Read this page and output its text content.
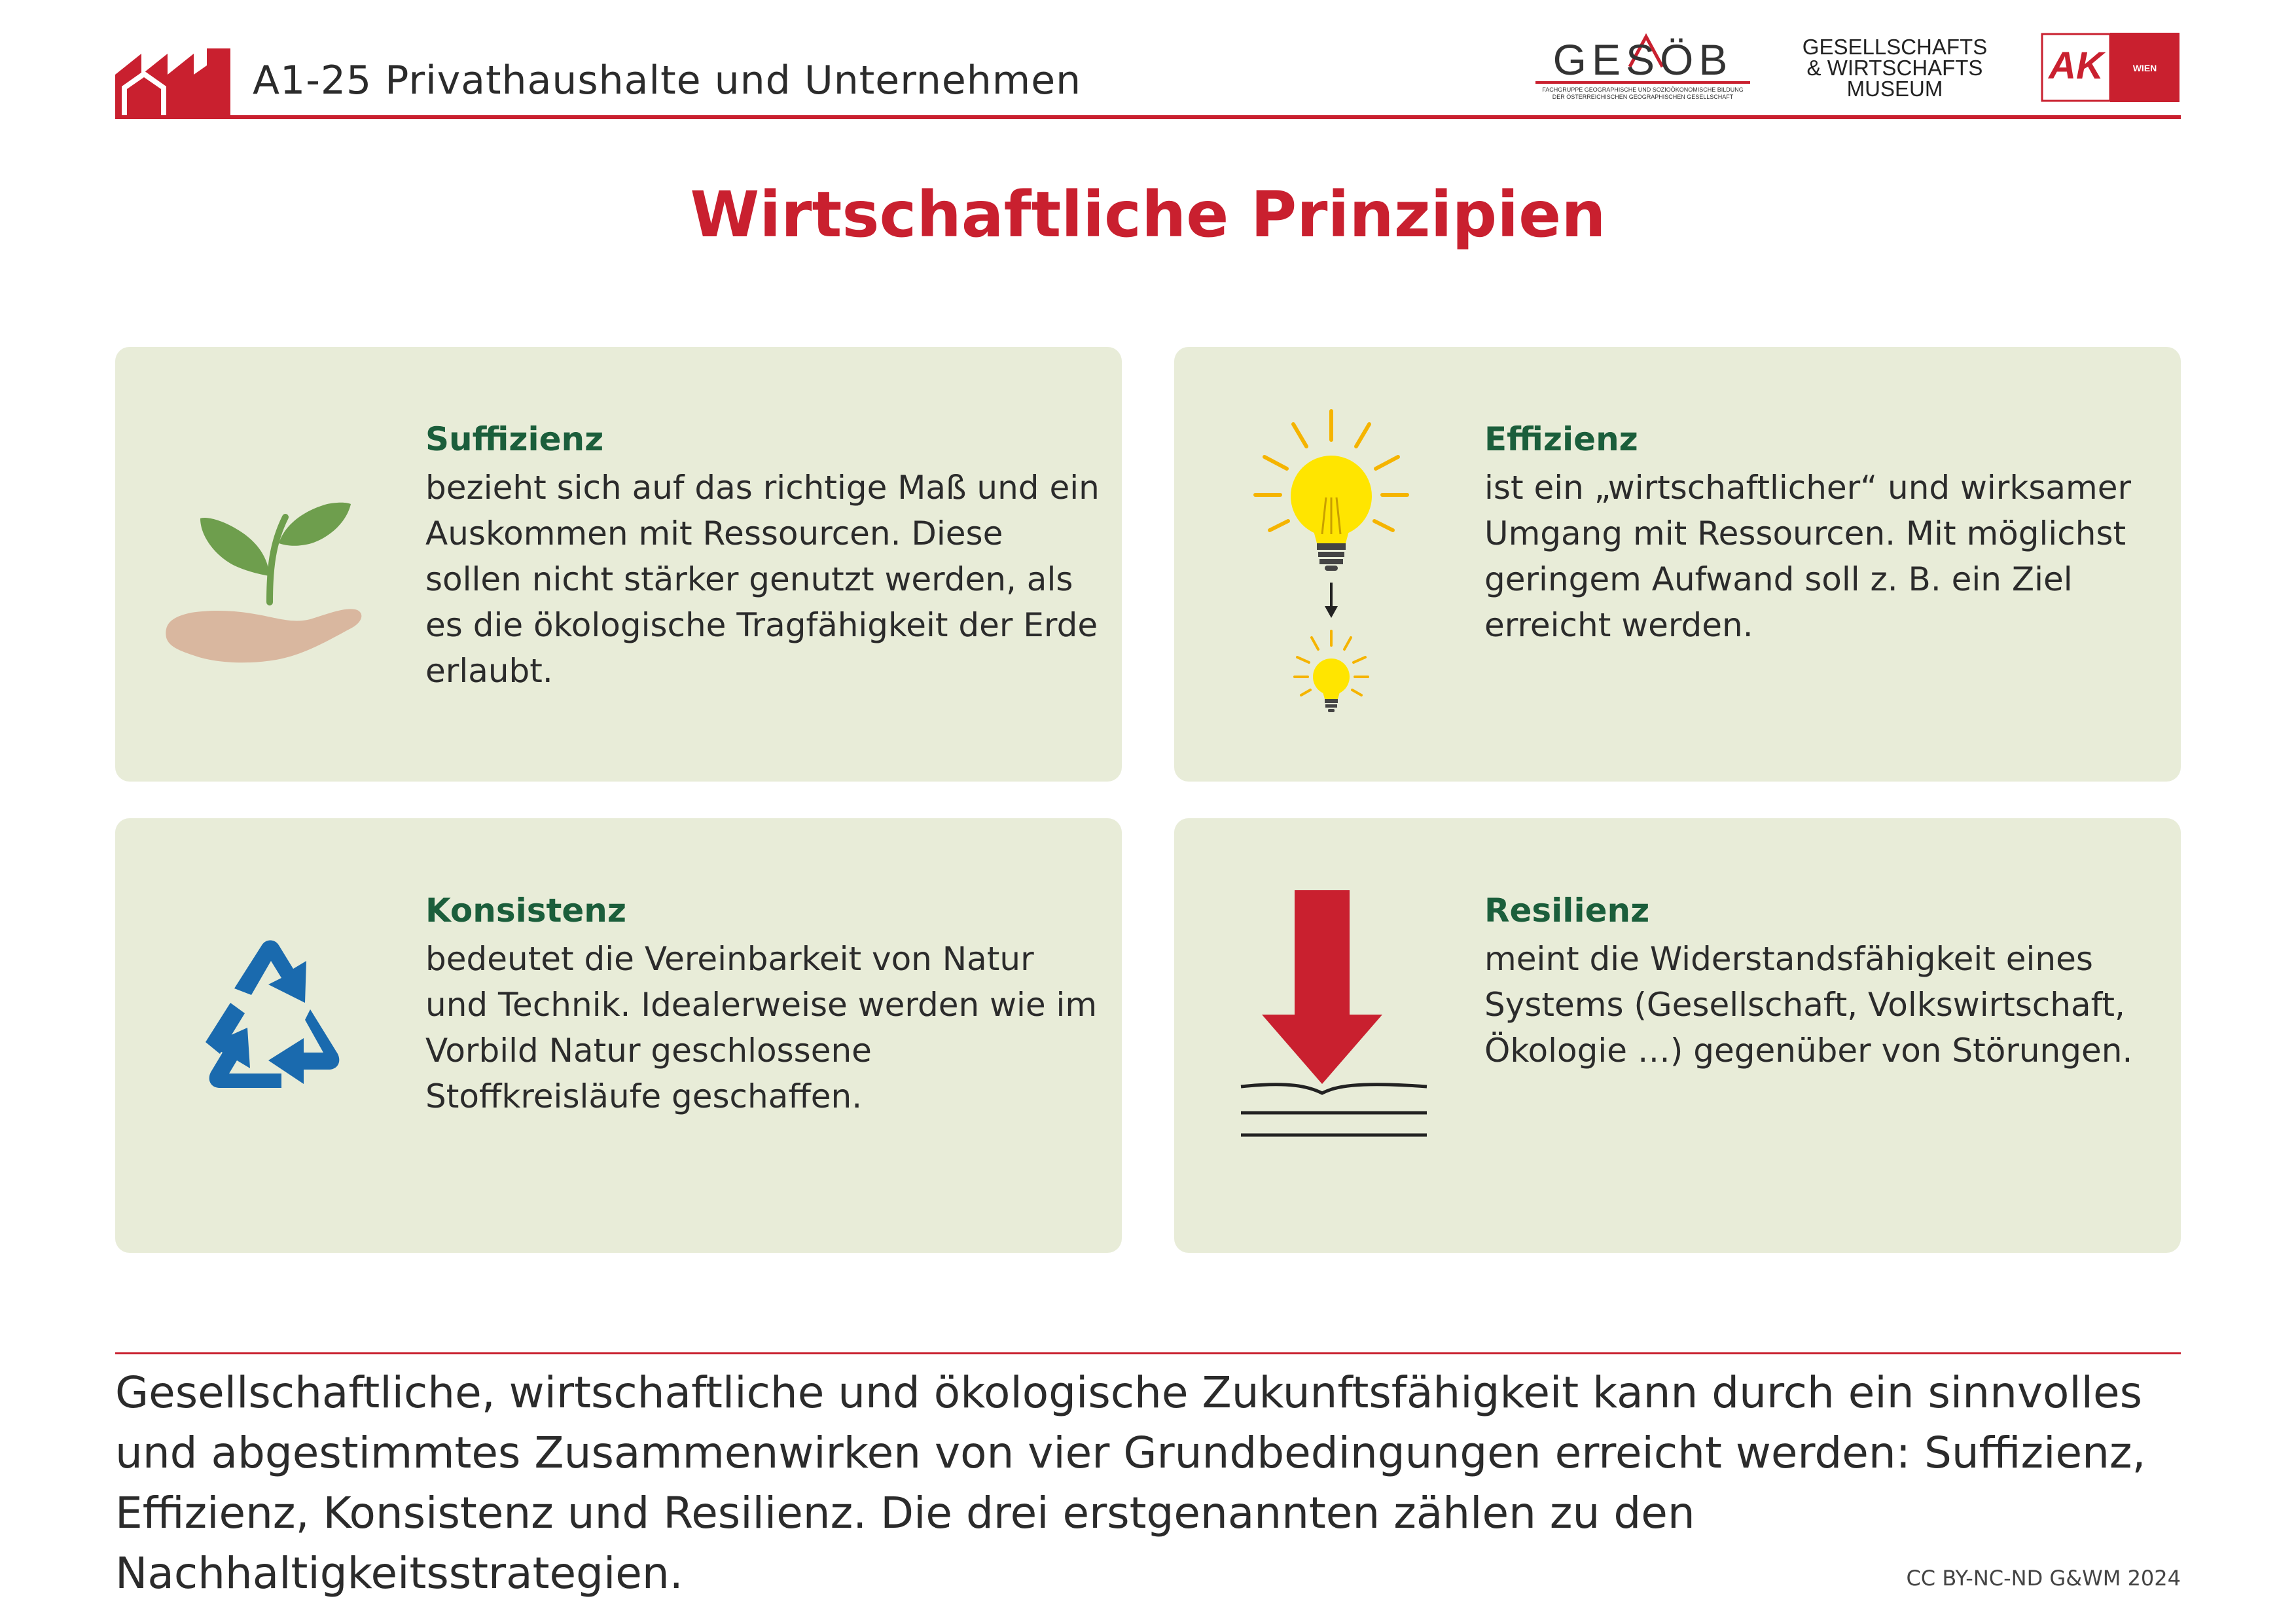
A1-25 Privathaushalte und Unternehmen	GESÖB
FACHGRUPPE GEOGRAPHISCHE UND SOZIOÖKONOMISCHE BILDUNG
DER ÖSTERREICHISCHEN GEOGRAPHISCHEN GESELLSCHAFT
GESELLSCHAFTS
& WIRTSCHAFTS
MUSEUM
AK	WIEN
Wirtschaftliche Prinzipien
Suffizienz
bezieht sich auf das richtige Maß und ein Auskommen mit Ressourcen. Diese sollen nicht stärker genutzt werden, als es die ökologische Tragfähigkeit der Erde erlaubt.
Effizienz
ist ein „wirtschaftlicher“ und wirksamer Umgang mit Ressourcen. Mit möglichst geringem Aufwand soll z. B. ein Ziel erreicht werden.
Konsistenz
bedeutet die Vereinbarkeit von Natur und Technik. Idealerweise werden wie im Vorbild Natur geschlossene Stoffkreisläufe geschaffen.
Resilienz
meint die Widerstandsfähigkeit eines Systems (Gesellschaft, Volkswirtschaft, Ökologie …) gegenüber von Störungen.
Gesellschaftliche, wirtschaftliche und ökologische Zukunftsfähigkeit kann durch ein sinnvolles und abgestimmtes Zusammenwirken von vier Grundbedingungen erreicht werden: Suffizienz, Effizienz, Konsistenz und Resilienz. Die drei erstgenannten zählen zu den Nachhaltigkeitsstrategien.	CC BY-NC-ND G&WM 2024
